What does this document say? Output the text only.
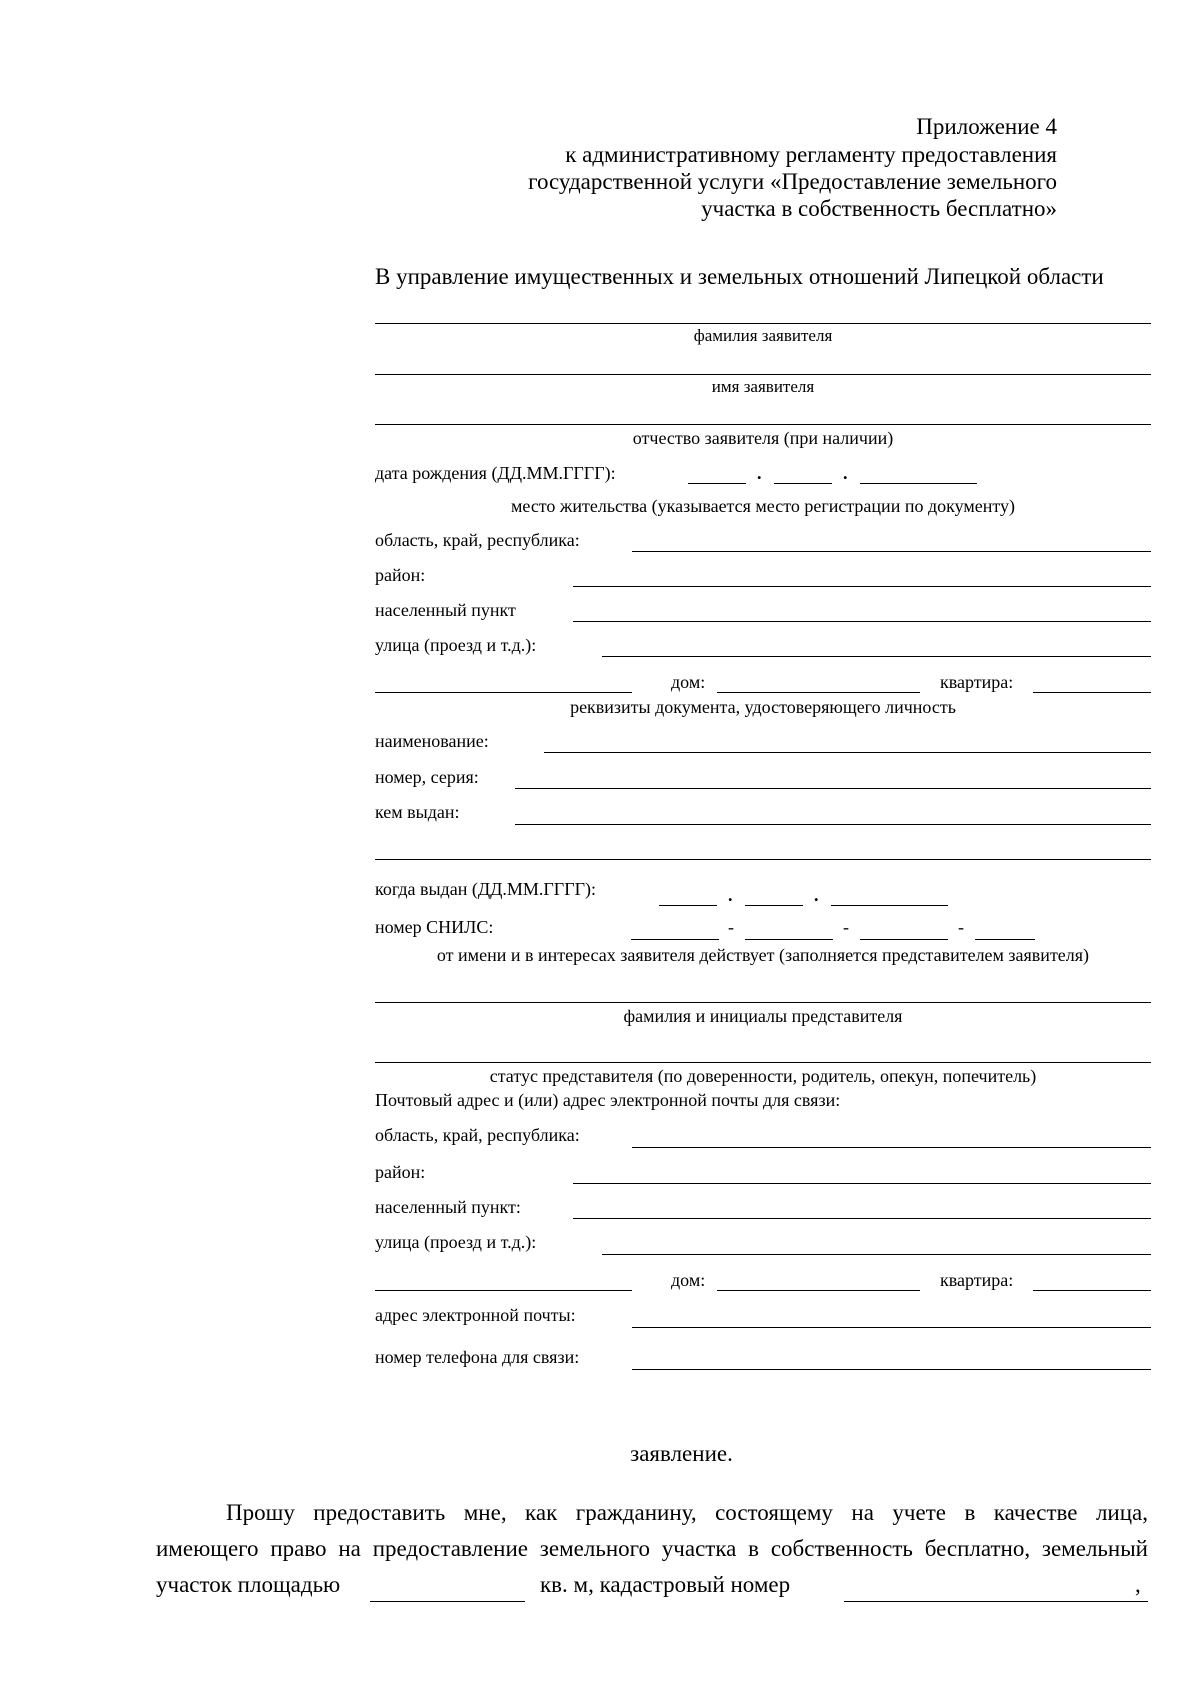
Приложение 4
к административному регламенту предоставления
государственной услуги «Предоставление земельного
участка в собственность бесплатно»
В управление имущественных и земельных отношений Липецкой области
фамилия заявителя
имя заявителя
отчество заявителя (при наличии)
дата рождения (ДД.ММ.ГГГГ):	.	.
место жительства (указывается место регистрации по документу)
область, край, республика:
район:
населенный пункт
улица (проезд и т.д.):
дом:	квартира:
реквизиты документа, удостоверяющего личность
наименование:
номер, серия:
кем выдан:
когда выдан (ДД.ММ.ГГГГ):	.	.
номер СНИЛС:	-	-	-
от имени и в интересах заявителя действует (заполняется представителем заявителя)
фамилия и инициалы представителя
статус представителя (по доверенности, родитель, опекун, попечитель)
Почтовый адрес и (или) адрес электронной почты для связи:
область, край, республика:
район:
населенный пункт:
улица (проезд и т.д.):
дом:	квартира:
адрес электронной почты:
номер телефона для связи:
заявление.
Прошу предоставить мне, как гражданину, состоящему на учете в качестве лица,
имеющего право на предоставление земельного участка в собственность бесплатно, земельный
участок площадью	кв. м, кадастровый номер	,
